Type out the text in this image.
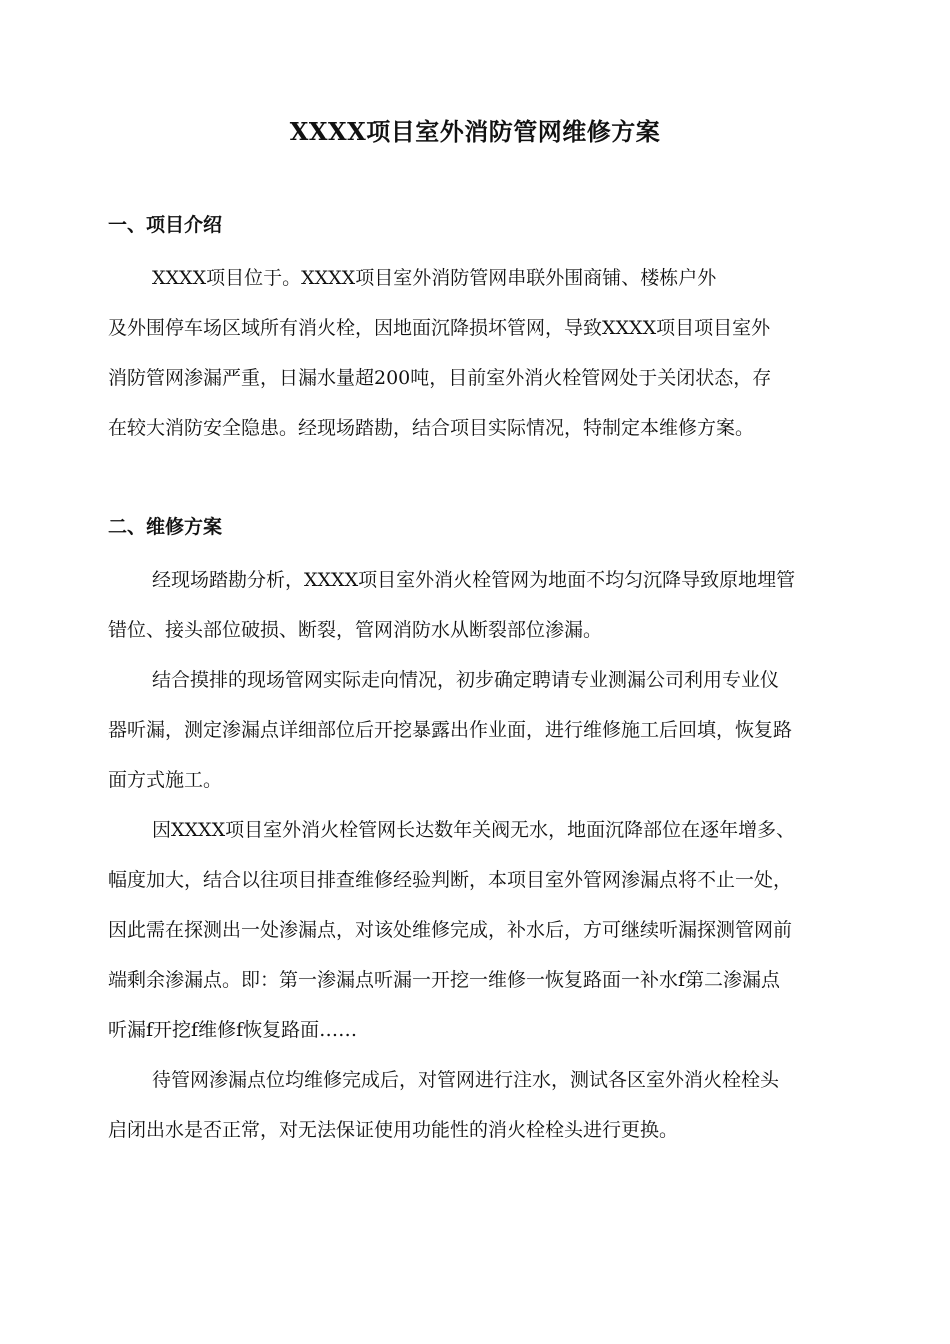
XXXX项目室外消防管网维修方案
一、项目介绍

XXXX项目位于。XXXX项目室外消防管网串联外围商铺、楼栋户外

及外围停车场区域所有消火栓，因地面沉降损坏管网，导致XXXX项目项目室外

消防管网渗漏严重，日漏水量超200吨，目前室外消火栓管网处于关闭状态，存

在较大消防安全隐患。经现场踏勘，结合项目实际情况，特制定本维修方案。

二、维修方案

经现场踏勘分析，XXXX项目室外消火栓管网为地面不均匀沉降导致原地埋管

错位、接头部位破损、断裂，管网消防水从断裂部位渗漏。

结合摸排的现场管网实际走向情况，初步确定聘请专业测漏公司利用专业仪

器听漏，测定渗漏点详细部位后开挖暴露出作业面，进行维修施工后回填，恢复路

面方式施工。

因XXXX项目室外消火栓管网长达数年关阀无水，地面沉降部位在逐年增多、

幅度加大，结合以往项目排查维修经验判断，本项目室外管网渗漏点将不止一处，

因此需在探测出一处渗漏点，对该处维修完成，补水后，方可继续听漏探测管网前

端剩余渗漏点。即：第一渗漏点听漏一开挖一维修一恢复路面一补水f第二渗漏点

听漏f开挖f维修f恢复路面……

待管网渗漏点位均维修完成后，对管网进行注水，测试各区室外消火栓栓头

启闭出水是否正常，对无法保证使用功能性的消火栓栓头进行更换。
